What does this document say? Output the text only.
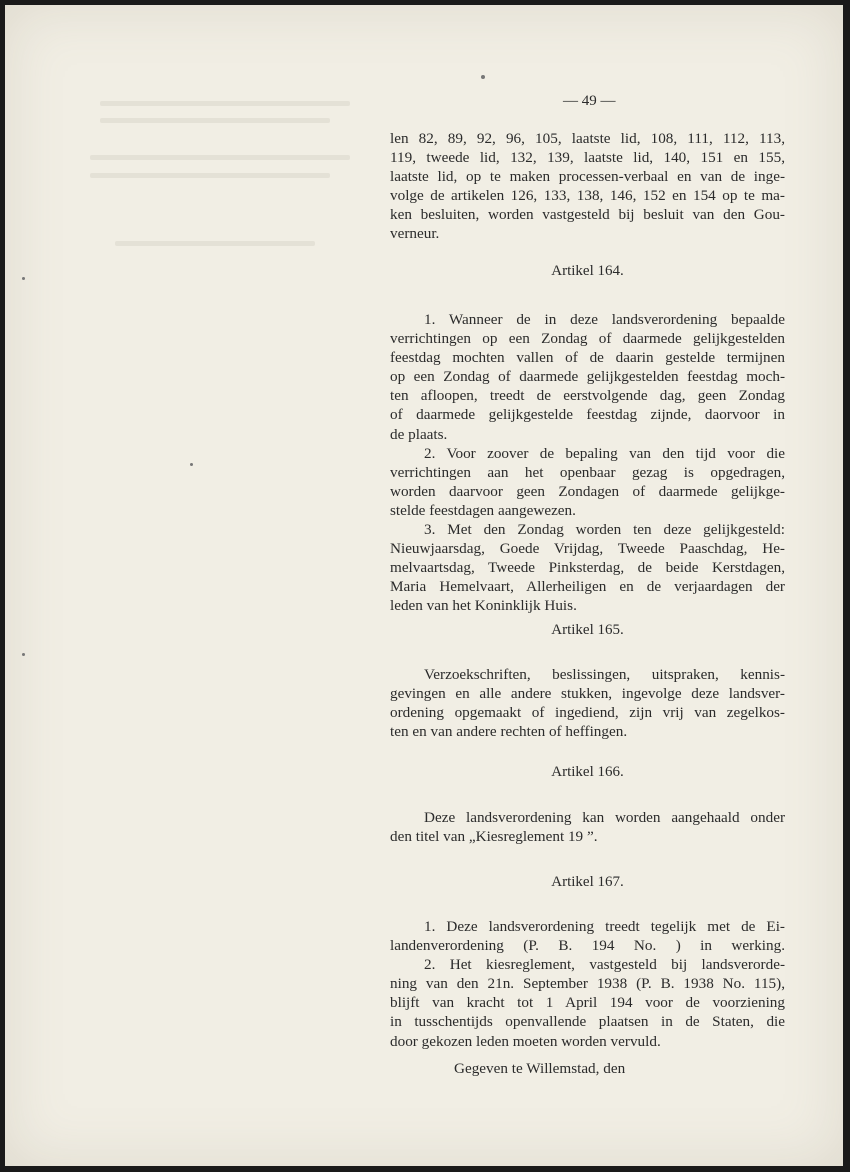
— 49 —
len 82, 89, 92, 96, 105, laatste lid, 108, 111, 112, 113,
119, tweede lid, 132, 139, laatste lid, 140, 151 en 155,
laatste lid, op te maken processen-verbaal en van de inge-
volge de artikelen 126, 133, 138, 146, 152 en 154 op te ma-
ken besluiten, worden vastgesteld bij besluit van den Gou-
verneur.
Artikel 164.
1. Wanneer de in deze landsverordening bepaalde
verrichtingen op een Zondag of daarmede gelijkgestelden
feestdag mochten vallen of de daarin gestelde termijnen
op een Zondag of daarmede gelijkgestelden feestdag moch-
ten afloopen, treedt de eerstvolgende dag, geen Zondag
of daarmede gelijkgestelde feestdag zijnde, daorvoor in
de plaats.
2. Voor zoover de bepaling van den tijd voor die
verrichtingen aan het openbaar gezag is opgedragen,
worden daarvoor geen Zondagen of daarmede gelijkge-
stelde feestdagen aangewezen.
3. Met den Zondag worden ten deze gelijkgesteld:
Nieuwjaarsdag, Goede Vrijdag, Tweede Paaschdag, He-
melvaartsdag, Tweede Pinksterdag, de beide Kerstdagen,
Maria Hemelvaart, Allerheiligen en de verjaardagen der
leden van het Koninklijk Huis.
Artikel 165.
Verzoekschriften, beslissingen, uitspraken, kennis-
gevingen en alle andere stukken, ingevolge deze landsver-
ordening opgemaakt of ingediend, zijn vrij van zegelkos-
ten en van andere rechten of heffingen.
Artikel 166.
Deze landsverordening kan worden aangehaald onder
den titel van „Kiesreglement 19 ”.
Artikel 167.
1. Deze landsverordening treedt tegelijk met de Ei-
landenverordening (P. B. 194 No. ) in werking.
2. Het kiesreglement, vastgesteld bij landsverorde-
ning van den 21n. September 1938 (P. B. 1938 No. 115),
blijft van kracht tot 1 April 194 voor de voorziening
in tusschentijds openvallende plaatsen in de Staten, die
door gekozen leden moeten worden vervuld.
Gegeven te Willemstad, den
